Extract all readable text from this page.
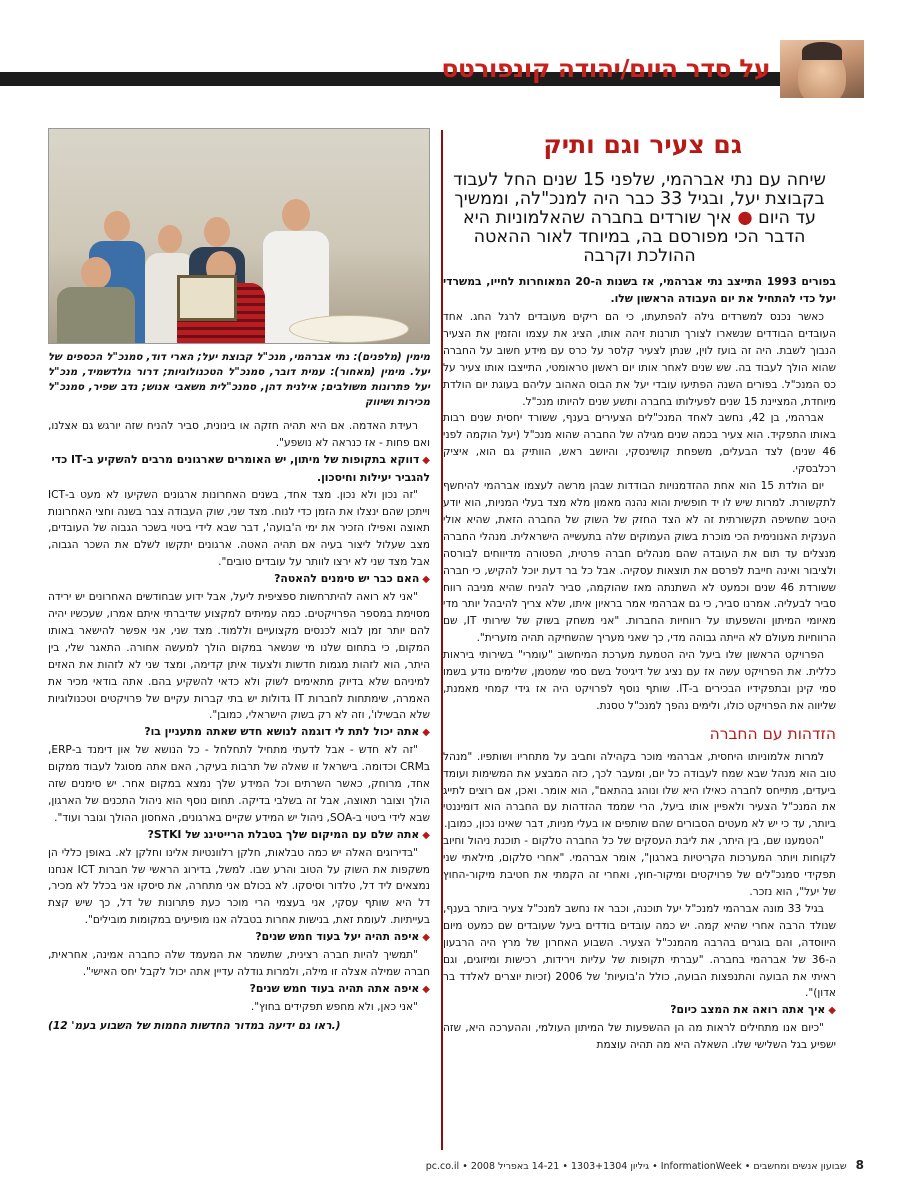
על סדר היום/יהודה קונפורטס
גם צעיר וגם ותיק
שיחה עם נתי אברהמי, שלפני 15 שנים החל לעבוד בקבוצת יעל, ובגיל 33 כבר היה למנכ"לה, וממשיך עד היום ● איך שורדים בחברה שהאלמוניות היא הדבר הכי מפורסם בה, במיוחד לאור ההאטה ההולכת וקרבה
בפורים 1993 התייצב נתי אברהמי, אז בשנות ה-20 המאוחרות לחייו, במשרדי יעל כדי להתחיל את יום העבודה הראשון שלו.

כאשר נכנס למשרדים גילה להפתעתו, כי הם ריקים מעובדים לרגל החג. אחד העובדים הבודדים שנשארו לצורך תורנות זיהה אותו, הציג את עצמו והזמין את הצעיר הנבוך לשבת. היה זה בועז לוין, שנתן לצעיר קלסר על כרס עם מידע חשוב על החברה שהוא הולך לעבוד בה. שש שנים לאחר אותו יום ראשון טראומטי, התייצבו אותו צעיר על כס המנכ"ל. בפורים השנה הפתיעו עובדי יעל את הבוס האהוב עליהם בעוגת יום הולדת מיוחדת, המציינת 15 שנים לפעילותו בחברה ותשע שנים להיותו מנכ"ל.

אברהמי, בן 42, נחשב לאחד המנכ"לים הצעירים בענף, ששורד יחסית שנים רבות באותו התפקיד. הוא צעיר בכמה שנים מגילה של החברה שהוא מנכ"ל (יעל הוקמה לפני 46 שנים) לצד הבעלים, משפחת קושינסקי, והיושב ראש, הוותיק גם הוא, איציק רכלבסקי.

יום הולדת 15 הוא אחת ההזדמנויות הבודדות שבהן מרשה לעצמו אברהמי להיחשף לתקשורת. למרות שיש לו יד חופשית והוא נהנה מאמון מלא מצד בעלי המניות, הוא יודע היטב שחשיפה תקשורתית זה לא הצד החזק של השוק של החברה הזאת, שהיא אולי הענקית האנונימית הכי מוכרת בשוק העמוקים שלה בתעשייה הישראלית. מנהלי החברה מנצלים עד תום את העובדה שהם מנהלים חברה פרטית, הפטורה מדיווחים לבורסה ולציבור ואינה חייבת לפרסם את תוצאות עסקיה. אבל כל בר דעת יוכל להקיש, כי חברה ששורדת 46 שנים וכמעט לא השתנתה מאז שהוקמה, סביר להניח שהיא מניבה רווח סביר לבעליה. אמרנו סביר, כי גם אברהמי אמר בראיון איתו, שלא צריך להיבהל יותר מדי מאיומי המיתון והשפעתו על רווחיות החברות. "אני משחק בשוק של שירותי IT, שם הרווחיות מעולם לא הייתה גבוהה מדי, כך שאני מעריך שהשחיקה תהיה מזערית".

הפרויקט הראשון שלו ביעל היה הטמעת מערכת המיחשוב "עומרי" בשירותי ביראות כללית. את הפרויקט עשה אז עם נציג של דיגיטל בשם סמי שמטמן, שלימים נודע בשמו סמי קינן ובתפקידיו הבכירים ב-IT. שותף נוסף לפרויקט היה אז גידי קמחי מאמנת, שליווה את הפרויקט כולו, ולימים נהפך למנכ"ל טסנת.

הזדהות עם החברה

למרות אלמוניותו היחסית, אברהמי מוכר בקהילה וחביב על מתחריו ושותפיו. "מנהל טוב הוא מנהל שבא שמח לעבודה כל יום, ומעבר לכך, כזה המבצע את המשימות ועומד ביעדים, מתייחס לחברה כאילו היא שלו ונוהג בהתאם", הוא אומר. ואכן, אם רוצים לתייג את המנכ"ל הצעיר ולאפיין אותו ביעל, הרי שממד ההזדהות עם החברה הוא דומיננטי ביותר, עד כי יש לא מעטים הסבורים שהם שותפים או בעלי מניות, דבר שאינו נכון, כמובן.

"הטמענו שם, בין היתר, את ליבת העסקים של כל החברה טלקום - תוכנת ניהול וחיוב לקוחות ויותר המערכות הקריטיות בארגון", אומר אברהמי. "אחרי סלקום, מילאתי שני תפקידי סמנכ"לים של פרויקטים ומיקור-חוץ, ואחרי זה הקמתי את חטיבת מיקור-החוץ של יעל", הוא נזכר.

בגיל 33 מונה אברהמי למנכ"ל יעל תוכנה, וכבר אז נחשב למנכ"ל צעיר ביותר בענף, שנולד הרבה אחרי שהיא קמה. יש כמה עובדים בודדים ביעל שעובדים שם כמעט מיום היווסדה, והם בוגרים בהרבה מהמנכ"ל הצעיר. השבוע האחרון של מרץ היה הרבעון ה-36 של אברהמי בחברה. "עברתי תקופות של עליות וירידות, רכישות ומיזוגים, וגם ראיתי את הבועה והתנפצות הבועה, כולל ה'בועיות' של 2006 (זכיות יוצרים לאלדד בר אדון)".

◆איך אתה רואה את המצב כיום?

"כיום אנו מתחילים לראות מה הן ההשפעות של המיתון העולמי, וההערכה היא, שזה ישפיע בגל השלישי שלו. השאלה היא מה תהיה עוצמת

מימין (מלפנים): נתי אברהמי, מנכ"ל קבוצת יעל; הארי דוד, סמנכ"ל הכספים של יעל. מימין (מאחור): עמית דובר, סמנכ"ל הטכנולוגיות; דרור גולדשמיד, מנכ"ל יעל פתרונות משולבים; אילנית דהן, סמנכ"לית משאבי אנוש; נדב שפיר, סמנכ"ל מכירות ושיווק

רעידת האדמה. אם היא תהיה חזקה או בינונית, סביר להניח שזה יורגש גם אצלנו, ואם פחות - אז כנראה לא נושפע".

◆דווקא בתקופות של מיתון, יש האומרים שארגונים מרבים להשקיע ב-IT כדי להגביר יעילות וחיסכון.

"זה נכון ולא נכון. מצד אחד, בשנים האחרונות ארגונים השקיעו לא מעט ב-ICT וייתכן שהם ינצלו את הזמן כדי לנוח. מצד שני, שוק העבודה צבר בשנה וחצי האחרונות תאוצה ואפילו הזכיר את ימי ה'בועה', דבר שבא לידי ביטוי בשכר הגבוה של העובדים, מצב שעלול ליצור בעיה אם תהיה האטה. ארגונים יתקשו לשלם את השכר הגבוה, אבל מצד שני לא ירצו לוותר על עובדים טובים".

◆האם כבר יש סימנים להאטה?

"אני לא רואה להיתרחשות ספציפית ליעל, אבל ידוע שבחודשים האחרונים יש ירידה מסוימת במספר הפרויקטים. כמה עמיתים למקצוע שדיברתי איתם אמרו, שעכשיו יהיה להם יותר זמן לבוא לכנסים מקצועיים וללמוד. מצד שני, אני אפשר להישאר באותו המקום, כי בתחום שלנו מי שנשאר במקום הולך למעשה אחורה. התאגר שלי, בין היתר, הוא לזהות מגמות חדשות ולצעוד איתן קדימה, ומצד שני לא לזהות את האזים למיניהם שלא בדיוק מתאימים לשוק ולא כדאי להשקיע בהם. אתה בודאי מכיר את האמרה, שימתחות לחברות IT גדולות יש בתי קברות עקיים של פרויקטים וטכנולוגיות שלא הבשילו', וזה לא רק בשוק הישראלי, כמובן".

◆אתה יכול לתת לי דוגמה לנושא חדש שאתה מתעניין בו?

"זה לא חדש - אבל לדעתי מתחיל לתחלחל - כל הנושא של און דימנד ב-ERP, בCRM וכדומה. בישראל זו שאלה של תרבות בעיקר, האם אתה מסוגל לעבוד ממקום אחד, מרוחק, כאשר השרתים וכל המידע שלך נמצא במקום אחר. יש סימנים שזה הולך וצובר תאוצה, אבל זה בשלבי בדיקה. תחום נוסף הוא ניהול התכנים של הארגון, שבא לידי ביטוי ב-SOA, ניהול יש המידע שקיים בארגונים, האחסון ההולך וגובר ועוד".

◆אתה שלם עם המיקום שלך בטבלת הרייטינג של STKI?

"בדירוגים האלה יש כמה טבלאות, חלקן רלוונטיות אלינו וחלקן לא. באופן כללי הן משקפות את השוק על הטוב והרע שבו. למשל, בדירוג הראשי של חברות ICT אנחנו נמצאים ליד דל, טלדור וסיסקו. לא בכולם אני מתחרה, את סיסקו אני בכלל לא מכיר, דל היא שותף עסקי, אני בעצמי הרי מוכר כעת פתרונות של דל, כך שיש קצת בעייתיות. לעומת זאת, בנישות אחרות בטבלה אנו מופיעים במקומות מובילים".

◆איפה תהיה יעל בעוד חמש שנים?

"תמשיך להיות חברה רצינית, שתשמר את המעמד שלה כחברה אמינה, אחראית, חברה שמילה אצלה זו מילה, ולמרות גודלה עדיין אתה יכול לקבל יחס האישי".

◆איפה אתה תהיה בעוד חמש שנים?

"אני כאן, ולא מחפש תפקידים בחוץ".

(ראו גם ידיעה במדור החדשות החמות של השבוע בעמ' 12.)
8 שבועון אנשים ומחשבים • InformationWeek • גיליון 1303+1304 • 14-21 באפריל 2008 • pc.co.il
